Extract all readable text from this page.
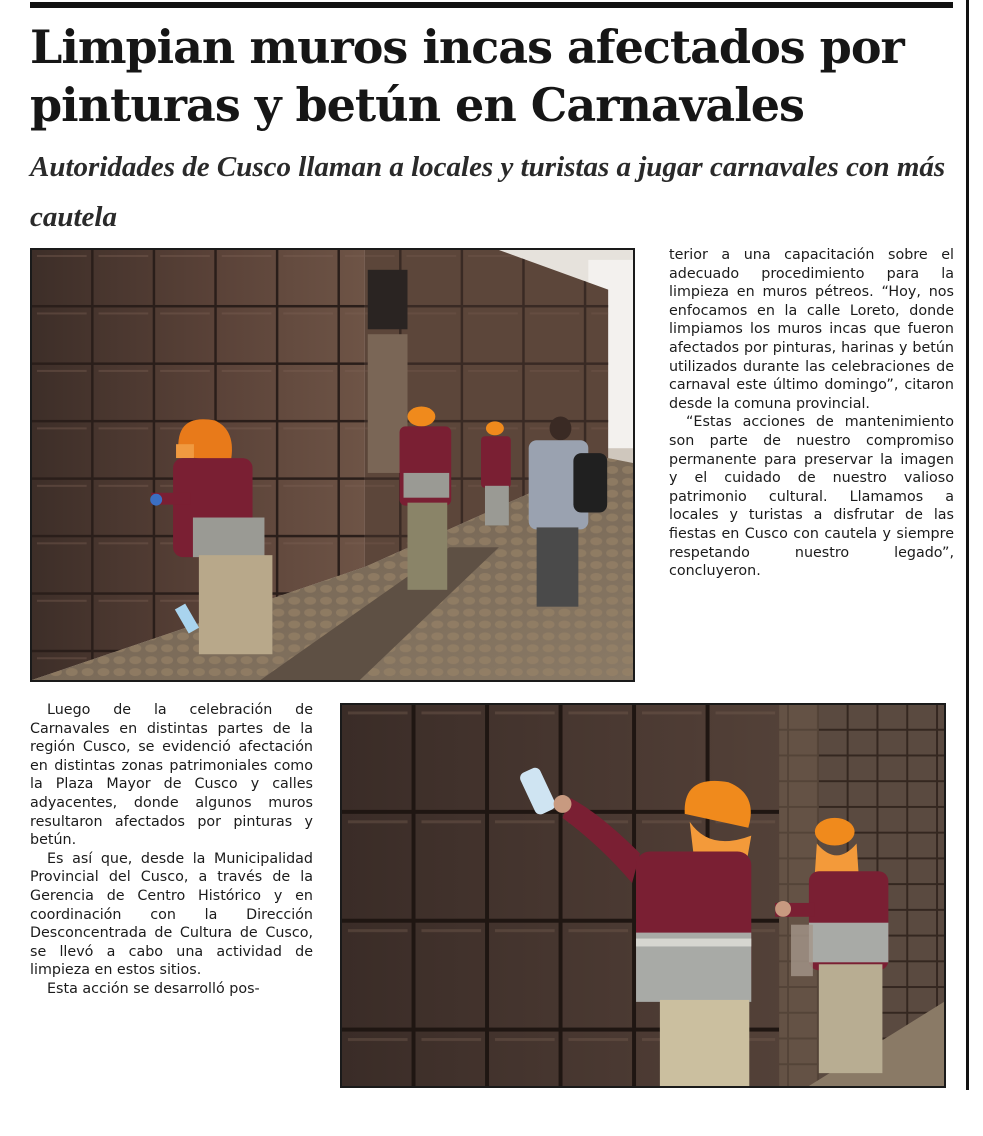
Limpian muros incas afectados por pinturas y betún en Carnavales
Autoridades de Cusco llaman a locales y turistas a jugar carnavales con más cautela

terior a una capacitación sobre el adecuado procedimiento para la limpieza en muros pétreos. “Hoy, nos enfocamos en la calle Loreto, donde limpiamos los muros incas que fueron afectados por pinturas, harinas y betún utilizados durante las celebraciones de carnaval este último domingo”, citaron desde la comuna provincial.

“Estas acciones de mantenimiento son parte de nuestro compromiso permanente para preservar la imagen y el cuidado de nuestro valioso patrimonio cultural. Llamamos a locales y turistas a disfrutar de las fiestas en Cusco con cautela y siempre respetando nuestro legado”, concluyeron.

Luego de la celebración de Carnavales en distintas partes de la región Cusco, se evidenció afectación en distintas zonas patrimoniales como la Plaza Mayor de Cusco y calles adyacentes, donde algunos muros resultaron afectados por pinturas y betún.

Es así que, desde la Municipalidad Provincial del Cusco, a través de la Gerencia de Centro Histórico y en coordinación con la Dirección Desconcentrada de Cultura de Cusco, se llevó a cabo una actividad de limpieza en estos sitios.

Esta acción se desarrolló pos-
